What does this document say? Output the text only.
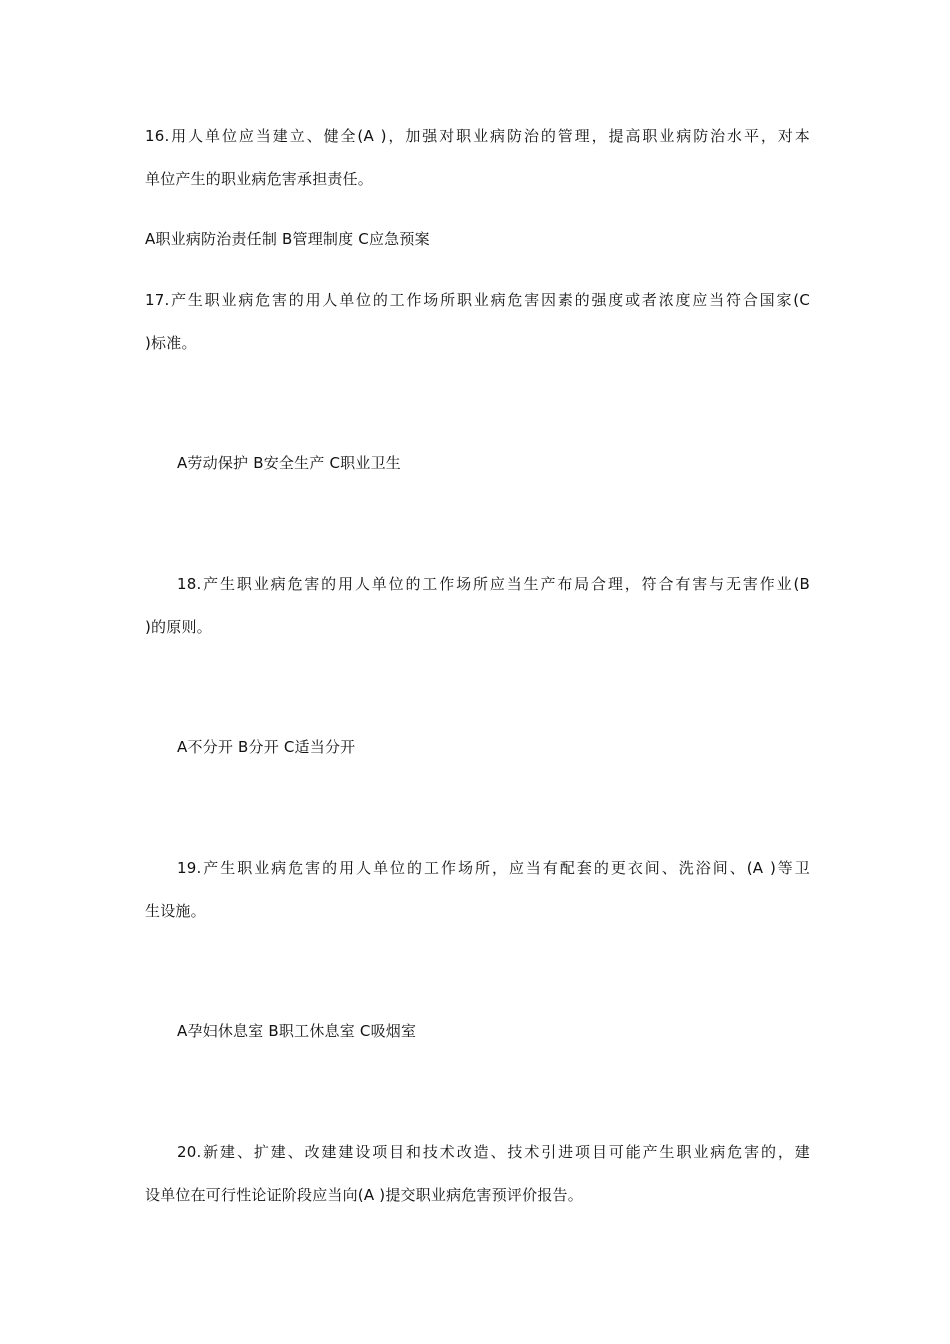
16.用人单位应当建立、健全(A )，加强对职业病防治的管理，提高职业病防治水平，对本
单位产生的职业病危害承担责任。
A职业病防治责任制 B管理制度 C应急预案
17.产生职业病危害的用人单位的工作场所职业病危害因素的强度或者浓度应当符合国家(C
)标准。
A劳动保护 B安全生产 C职业卫生
18.产生职业病危害的用人单位的工作场所应当生产布局合理，符合有害与无害作业(B
)的原则。
A不分开 B分开 C适当分开
19.产生职业病危害的用人单位的工作场所，应当有配套的更衣间、洗浴间、(A )等卫
生设施。
A孕妇休息室 B职工休息室 C吸烟室
20.新建、扩建、改建建设项目和技术改造、技术引进项目可能产生职业病危害的，建
设单位在可行性论证阶段应当向(A )提交职业病危害预评价报告。
